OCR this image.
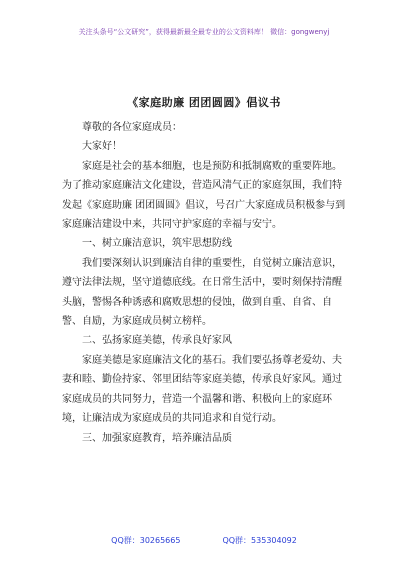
关注头条号“公文研究”，获得最新最全最专业的公文资料库！ 微信：gongwenyj
《家庭助廉 团团圆圆》倡议书

尊敬的各位家庭成员：

大家好！

家庭是社会的基本细胞，也是预防和抵制腐败的重要阵地。为了推动家庭廉洁文化建设，营造风清气正的家庭氛围，我们特发起《家庭助廉 团团圆圆》倡议，号召广大家庭成员积极参与到家庭廉洁建设中来，共同守护家庭的幸福与安宁。

一、树立廉洁意识，筑牢思想防线

我们要深刻认识到廉洁自律的重要性，自觉树立廉洁意识，遵守法律法规，坚守道德底线。在日常生活中，要时刻保持清醒头脑，警惕各种诱惑和腐败思想的侵蚀，做到自重、自省、自警、自励，为家庭成员树立榜样。

二、弘扬家庭美德，传承良好家风

家庭美德是家庭廉洁文化的基石。我们要弘扬尊老爱幼、夫妻和睦、勤俭持家、邻里团结等家庭美德，传承良好家风。通过家庭成员的共同努力，营造一个温馨和谐、积极向上的家庭环境，让廉洁成为家庭成员的共同追求和自觉行动。

三、加强家庭教育，培养廉洁品质

QQ群：30265665	QQ群：535304092
